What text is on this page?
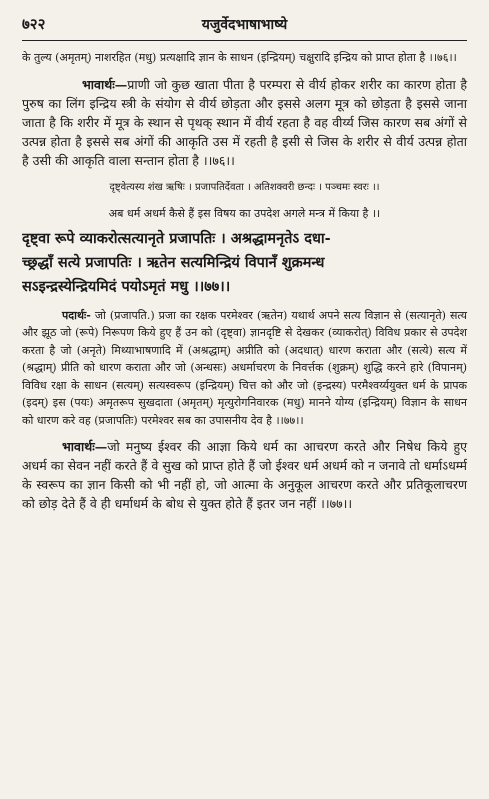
७२२	यजुर्वेदभाषाभाष्ये

के तुल्य (अमृतम्) नाशरहित (मधु) प्रत्यक्षादि ज्ञान के साधन (इन्द्रियम्) चक्षुरादि इन्द्रिय को प्राप्त होता है ।।७६।।

भावार्थः—प्राणी जो कुछ खाता पीता है परम्परा से वीर्य होकर शरीर का कारण होता है पुरुष का लिंग इन्द्रिय स्त्री के संयोग से वीर्य छोड़ता और इससे अलग मूत्र को छोड़ता है इससे जाना जाता है कि शरीर में मूत्र के स्थान से पृथक् स्थान में वीर्य रहता है वह वीर्य्य जिस कारण सब अंगों से उत्पन्न होता है इससे सब अंगों की आकृति उस में रहती है इसी से जिस के शरीर से वीर्य उत्पन्न होता है उसी की आकृति वाला सन्तान होता है ।।७६।।

दृष्ट्वेत्यस्य शंख ऋषिः । प्रजापतिर्देवता । अतिशक्वरी छन्दः । पञ्चमः स्वरः ।।
अब धर्म अधर्म कैसे हैं इस विषय का उपदेश अगले मन्त्र में किया है ।।
दृष्ट्वा रूपे व्याकरोत्सत्यानृते प्रजापतिः । अश्रद्धामनृतेऽ दधा-
च्छ्रद्धाँ सत्ये प्रजापतिः । ऋतेन सत्यमिन्द्रियं विपानँ शुक्रमन्ध
सऽइन्द्रस्येन्द्रियमिदं पयोऽमृतं मधु ।।७७।।

पदार्थः- जो (प्रजापति.) प्रजा का रक्षक परमेश्वर (ऋतेन) यथार्थ अपने सत्य विज्ञान से (सत्यानृते) सत्य और झूठ जो (रूपे) निरूपण किये हुए हैं उन को (दृष्ट्वा) ज्ञानदृष्टि से देखकर (व्याकरोत्) विविध प्रकार से उपदेश करता है जो (अनृते) मिथ्याभाषणादि में (अश्रद्धाम्) अप्रीति को (अदधात्) धारण कराता और (सत्ये) सत्य में (श्रद्धाम्) प्रीति को धारण कराता और जो (अन्धसः) अधर्माचरण के निवर्त्तक (शुक्रम्) शुद्धि करने हारे (विपानम्) विविध रक्षा के साधन (सत्यम्) सत्यस्वरूप (इन्द्रियम्) चित्त को और जो (इन्द्रस्य) परमैश्वर्य्ययुक्त धर्म के प्रापक (इदम्) इस (पयः) अमृतरूप सुखदाता (अमृतम्) मृत्युरोगनिवारक (मधु) मानने योग्य (इन्द्रियम्) विज्ञान के साधन को धारण करे वह (प्रजापतिः) परमेश्वर सब का उपासनीय देव है ।।७७।।

भावार्थः—जो मनुष्य ईश्वर की आज्ञा किये धर्म का आचरण करते और निषेध किये हुए अधर्म का सेवन नहीं करते हैं वे सुख को प्राप्त होते हैं जो ईश्वर धर्म अधर्म को न जनावे तो धर्माऽधर्म्म के स्वरूप का ज्ञान किसी को भी नहीं हो, जो आत्मा के अनुकूल आचरण करते और प्रतिकूलाचरण को छोड़ देते हैं वे ही धर्माधर्म के बोध से युक्त होते हैं इतर जन नहीं ।।७७।।
